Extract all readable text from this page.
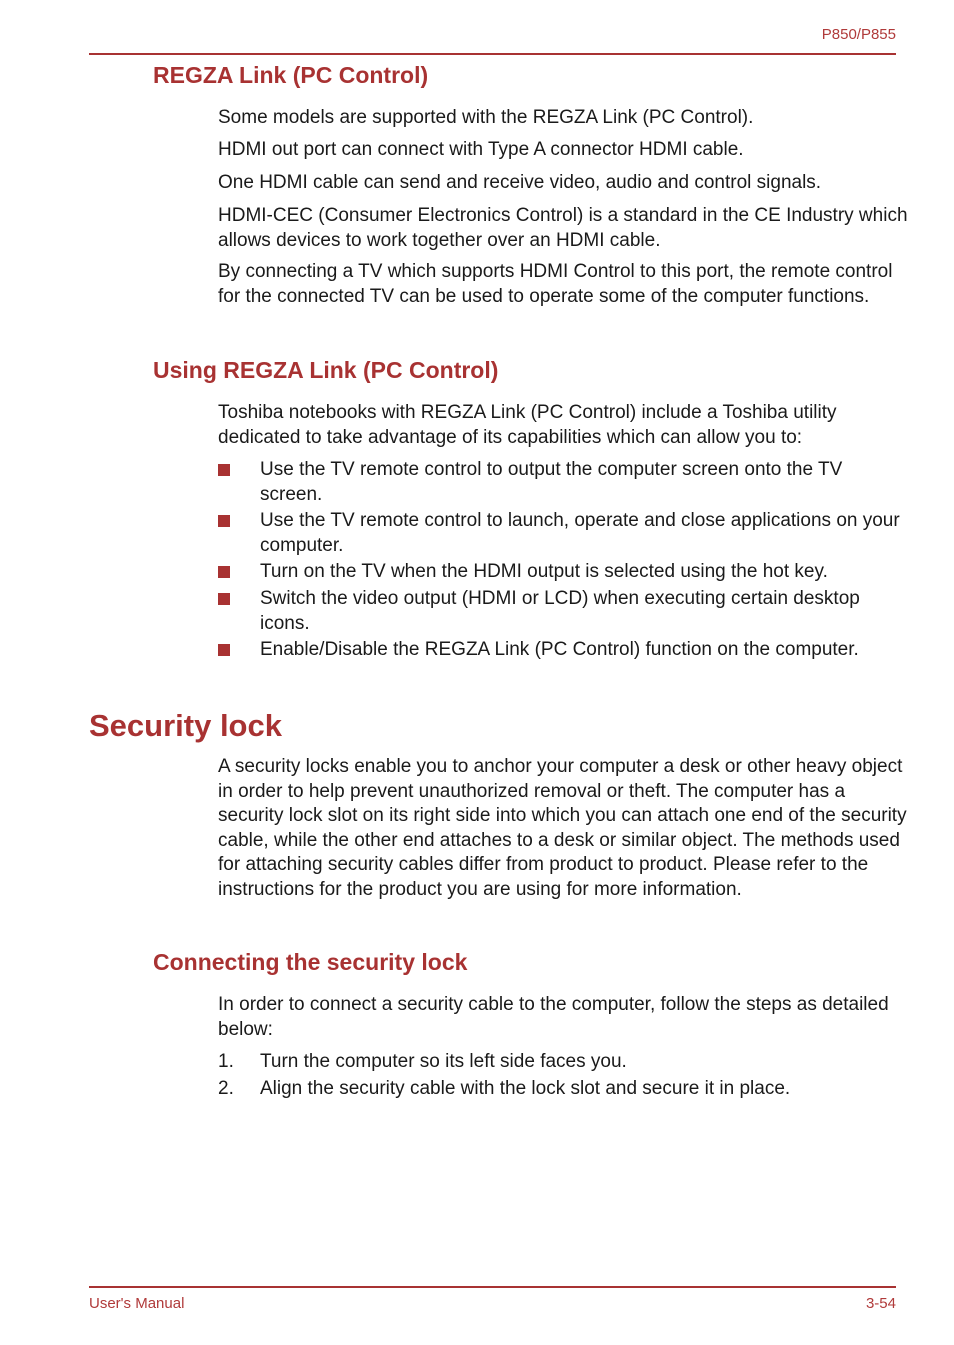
P850/P855
REGZA Link (PC Control)

Some models are supported with the REGZA Link (PC Control).

HDMI out port can connect with Type A connector HDMI cable.

One HDMI cable can send and receive video, audio and control signals.

HDMI-CEC (Consumer Electronics Control) is a standard in the CE Industry which allows devices to work together over an HDMI cable.

By connecting a TV which supports HDMI Control to this port, the remote control for the connected TV can be used to operate some of the computer functions.

Using REGZA Link (PC Control)

Toshiba notebooks with REGZA Link (PC Control) include a Toshiba utility dedicated to take advantage of its capabilities which can allow you to:

Use the TV remote control to output the computer screen onto the TV screen.
Use the TV remote control to launch, operate and close applications on your computer.
Turn on the TV when the HDMI output is selected using the hot key.
Switch the video output (HDMI or LCD) when executing certain desktop icons.
Enable/Disable the REGZA Link (PC Control) function on the computer.
Security lock

A security locks enable you to anchor your computer a desk or other heavy object in order to help prevent unauthorized removal or theft. The computer has a security lock slot on its right side into which you can attach one end of the security cable, while the other end attaches to a desk or similar object. The methods used for attaching security cables differ from product to product. Please refer to the instructions for the product you are using for more information.

Connecting the security lock

In order to connect a security cable to the computer, follow the steps as detailed below:

1. Turn the computer so its left side faces you.
2. Align the security cable with the lock slot and secure it in place.
User's Manual	3-54
